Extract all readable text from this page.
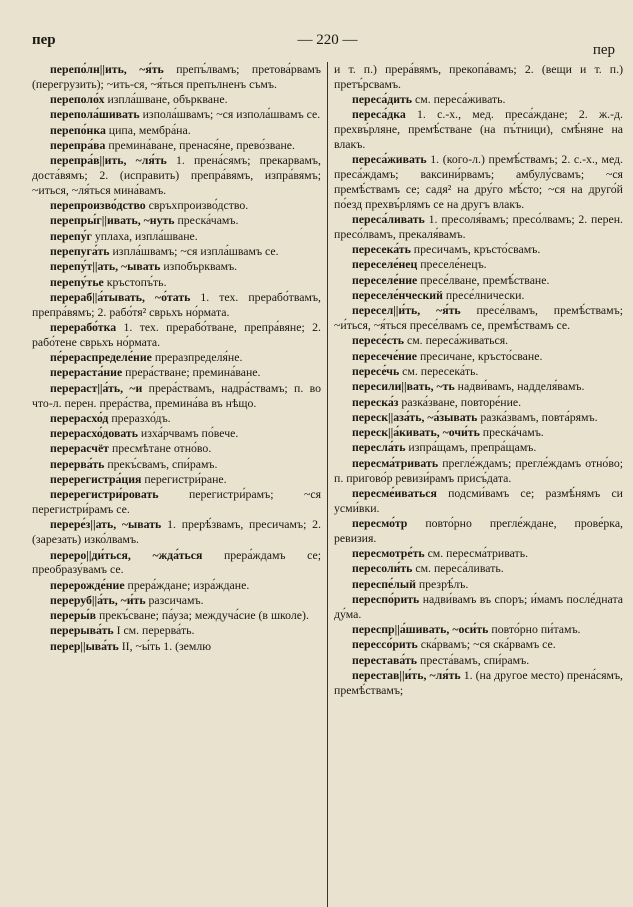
пер	— 220 —
пер

перепо́лн||ить, ~я́ть препъ́лвамъ; претова́рвамъ (перегрузить); ~ить-ся, ~я́ться препълненъ съмъ.

переполо́х изпла́шване, объркване.

перепола́шивать изпола́швамъ; ~ся изпола́швамъ се.

перепо́нка ципа, мембра́на.

перепра́ва премина́ване, пренася́не, прево́зване.

перепра́в||ить, ~ля́ть 1. прена́сямъ; прекарвамъ, доста́вямъ; 2. (исправить) препра́вямъ, изпра́вямъ; ~иться, ~ля́ться мина́вамъ.

перепроизво́дство свръхпроизво́дство.

перепры́г||ивать, ~нуть преска́чамъ.

перепу́г уплаха, изпла́шване.

перепуга́ть изпла́швамъ; ~ся изпла́швамъ се.

перепу́т||ать, ~ывать изпобърквамъ.

перепу́тье кръстопъ́ть.

перераб||а́тывать, ~о́тать 1. тех. прерабо́твамъ, препра́вямъ; 2. рабо́тя² сврьхъ но́рмата.

перерабо́тка 1. тех. прерабо́тване, препра́вяне; 2. рабо́тене сврьхъ но́рмата.

пе́рераспределе́ние преразпределя́не.

перераста́ние прера́стване; премина́ване.

перераст||а́ть, ~и прера́ствамъ, надра́ствамъ; п. во что-л. перен. прера́ства, премина́ва въ нѣщо.

перерасхо́д преразхо́дъ.

перерасхо́довать изха́рчвамъ по́вече.

перерасчёт пресмѣтане отно́во.

перерва́ть прекъ́свамъ, спи́рамъ.

перерегистра́ция перегистри́ране.

перерегистри́ровать	перегистри́рамъ; ~ся перегистри́рамъ се.

перере́з||ать, ~ывать 1. прерѣ́звамъ, пресичамъ; 2. (зарезать) изко́лвамъ.

переро||ди́ться, ~жда́ться прера́ждамъ се; преобразу́вамъ се.

перерожде́ние прера́ждане; изра́ждане.

переруб||а́ть, ~и́ть разсичамъ.

переры́в прекъ́сване; па́уза; междуча́сие (в школе).

перерыва́ть I см. перерва́ть.

перер||ыва́ть II, ~ы́ть 1. (землю

и т. п.) прера́вямъ, прекопа́вамъ; 2. (вещи и т. п.) претъ́рсвамъ.

переса́дить см. переса́живать.

переса́дка 1. с.-х., мед. преса́ждане; 2. ж.-д. прехвъ́рляне, премѣ́стване (на пъ́тници), смѣ́няне на влакъ.

переса́живать 1. (кого-л.) премѣ́ствамъ; 2. с.-х., мед. преса́ждамъ; ваксини́рвамъ; амбулу́свамъ; ~ся премѣ́ствамъ се; садя² на дру́го мѣ́сто; ~ся на друго́й по́езд прехвъ́рлямъ се на другъ влакъ.

переса́ливать 1. пресоля́вамъ; пресо́лвамъ; 2. перен. пресо́лвамъ, прекаля́вамъ.

пересека́ть пресичамъ, кръсто́свамъ.

переселе́нец преселе́нецъ.

переселе́ние пресе́лване, премѣ́стване.

переселе́нческий пресе́лнически.

пересел||и́ть, ~я́ть пресе́лвамъ, премѣ́ствамъ; ~и́ться, ~я́ться пресе́лвамъ се, премѣ́ствамъ се.

пересе́сть см. переса́живаться.

пересече́ние пресичане, кръсто́сване.

пересе́чь см. пересека́ть.

пересили||вать, ~ть надви́вамъ, надделя́вамъ.

переска́з разка́зване, повторе́ние.

переск||аза́ть, ~а́зывать разка́звамъ, повта́рямъ.

переск||а́кивать, ~очи́ть преска́чамъ.

пересла́ть изпра́щамъ, препра́щамъ.

пересма́тривать прегле́ждамъ; прегле́ждамъ отно́во; п. пригово́р ревизи́рамъ присъ́дата.

пересме́иваться подсми́вамъ се; размѣ́нямъ си усми́вки.

пересмо́тр повто́рно прегле́ждане, прове́рка, ревизия.

пересмотре́ть см. пересма́тривать.

пересоли́ть см. переса́ливать.

переспе́лый презрѣ́лъ.

переспо́рить надви́вамъ въ споръ; и́мамъ после́дната ду́ма.

переспр||а́шивать, ~оси́ть повто́рно пи́тамъ.

перессо́рить ска́рвамъ; ~ся ска́рвамъ се.

перестава́ть преста́вамъ, спи́рамъ.

перестав||и́ть, ~ля́ть 1. (на другое место) прена́сямъ, премѣ́ствамъ;
